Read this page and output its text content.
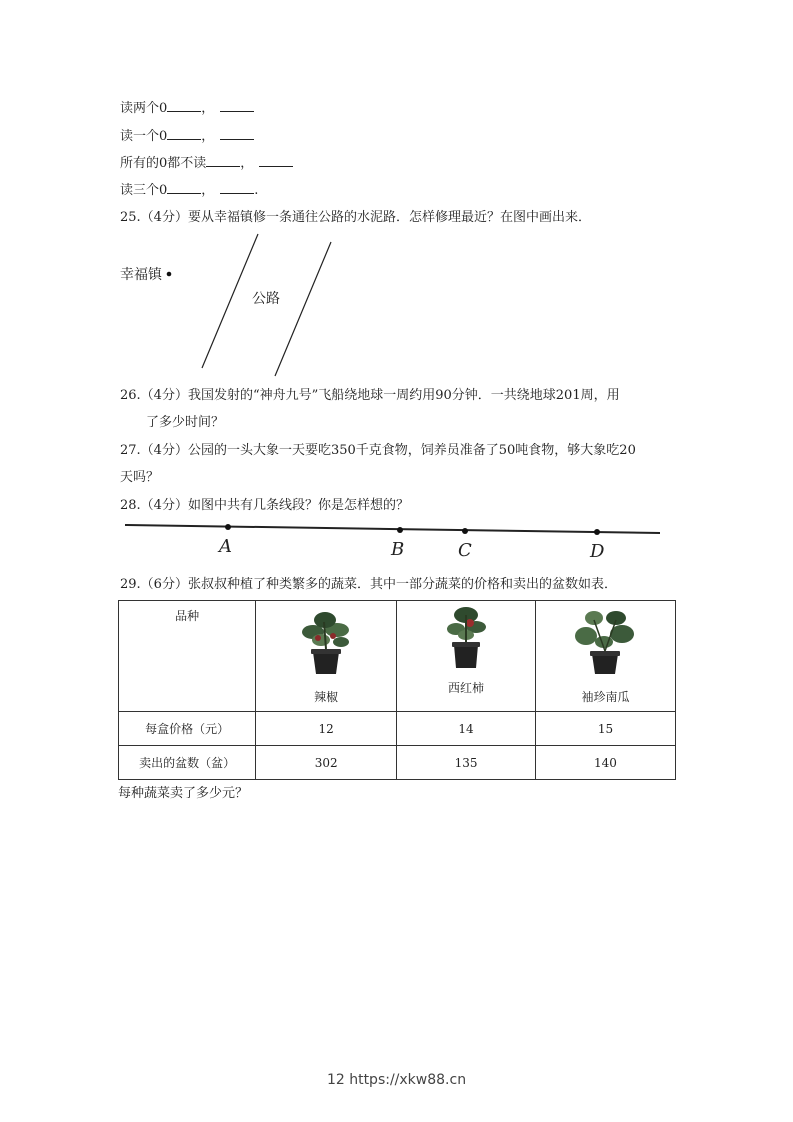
读两个0	，
读一个0	，
所有的0都不读	，
读三个0	，	.
25.（4分）要从幸福镇修一条通往公路的水泥路．怎样修理最近？在图中画出来．
幸福镇
公路
26.（4分）我国发射的“神舟九号”飞船绕地球一周约用90分钟．一共绕地球201周，用
了多少时间？
27.（4分）公园的一头大象一天要吃350千克食物，饲养员准备了50吨食物，够大象吃20
天吗？
28.（4分）如图中共有几条线段？你是怎样想的？
A	B	C	D
29.（6分）张叔叔种植了种类繁多的蔬菜．其中一部分蔬菜的价格和卖出的盆数如表．
品种	辣椒	西红柿	袖珍南瓜

每盒价格（元）	12	14	15
卖出的盆数（盆）	302	135	140
每种蔬菜卖了多少元？
12 https://xkw88.cn
